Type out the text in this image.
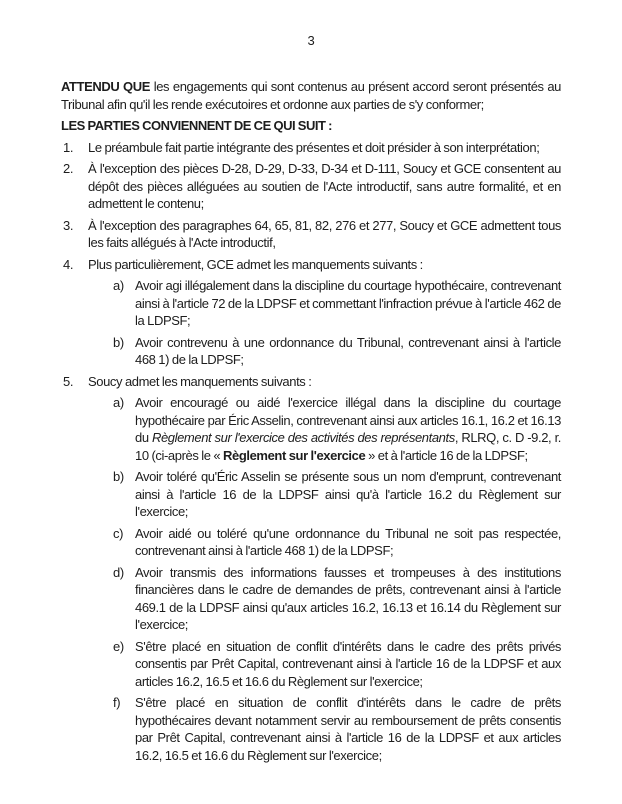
3
ATTENDU QUE les engagements qui sont contenus au présent accord seront présentés au Tribunal afin qu'il les rende exécutoires et ordonne aux parties de s'y conformer;
LES PARTIES CONVIENNENT DE CE QUI SUIT :
1.	Le préambule fait partie intégrante des présentes et doit présider à son interprétation;
2.	À l'exception des pièces D-28, D-29, D-33, D-34 et D-111, Soucy et GCE consentent au dépôt des pièces alléguées au soutien de l'Acte introductif, sans autre formalité, et en admettent le contenu;
3.	À l'exception des paragraphes 64, 65, 81, 82, 276 et 277, Soucy et GCE admettent tous les faits allégués à l'Acte introductif,
4.	Plus particulièrement, GCE admet les manquements suivants :
a) Avoir agi illégalement dans la discipline du courtage hypothécaire, contrevenant ainsi à l'article 72 de la LDPSF et commettant l'infraction prévue à l'article 462 de la LDPSF;
b) Avoir contrevenu à une ordonnance du Tribunal, contrevenant ainsi à l'article 468 1) de la LDPSF;
5.	Soucy admet les manquements suivants :
a) Avoir encouragé ou aidé l'exercice illégal dans la discipline du courtage hypothécaire par Éric Asselin, contrevenant ainsi aux articles 16.1, 16.2 et 16.13 du Règlement sur l'exercice des activités des représentants, RLRQ, c. D -9.2, r. 10 (ci-après le « Règlement sur l'exercice » et à l'article 16 de la LDPSF;
b) Avoir toléré qu'Éric Asselin se présente sous un nom d'emprunt, contrevenant ainsi à l'article 16 de la LDPSF ainsi qu'à l'article 16.2 du Règlement sur l'exercice;
c) Avoir aidé ou toléré qu'une ordonnance du Tribunal ne soit pas respectée, contrevenant ainsi à l'article 468 1) de la LDPSF;
d) Avoir transmis des informations fausses et trompeuses à des institutions financières dans le cadre de demandes de prêts, contrevenant ainsi à l'article 469.1 de la LDPSF ainsi qu'aux articles 16.2, 16.13 et 16.14 du Règlement sur l'exercice;
e) S'être placé en situation de conflit d'intérêts dans le cadre des prêts privés consentis par Prêt Capital, contrevenant ainsi à l'article 16 de la LDPSF et aux articles 16.2, 16.5 et 16.6 du Règlement sur l'exercice;
f)	S'être placé en situation de conflit d'intérêts dans le cadre de prêts hypothécaires devant notamment servir au remboursement de prêts consentis par Prêt Capital, contrevenant ainsi à l'article 16 de la LDPSF et aux articles 16.2, 16.5 et 16.6 du Règlement sur l'exercice;
